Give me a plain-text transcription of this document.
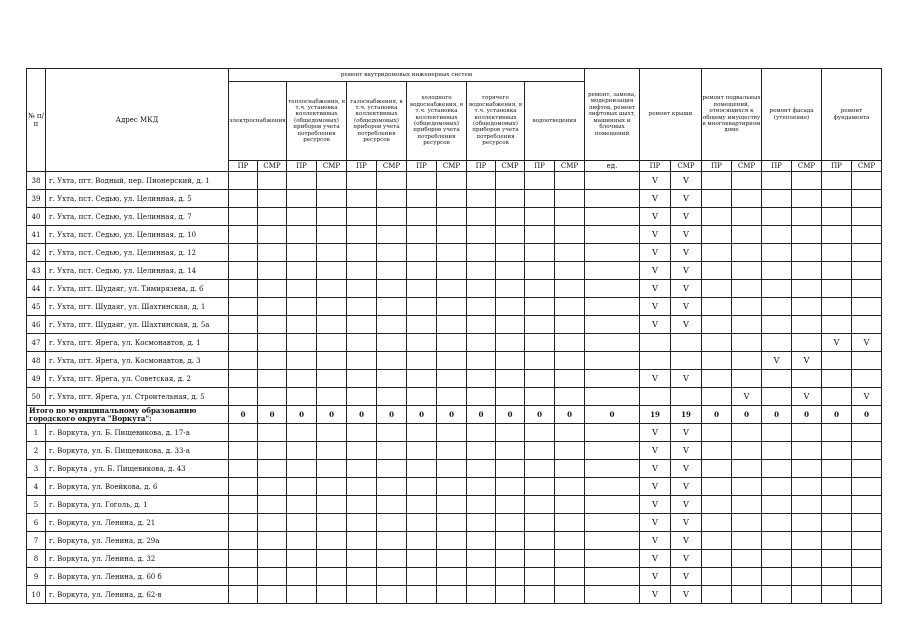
№ п/п	Адрес МКД	ремонт внутридомовых инженерных систем												ремонт, замена, модернизация лифтов, ремонт лифтовых шахт, машинных и блочных помещений	ремонт крыши		ремонт подвальных помещений, относящихся к общему имуществу в многоквартирном доме		ремонт фасада (утепление)		ремонт фундамента	
		электроснабжения		теплоснабжения, в т.ч. установка коллективных (общедомовых) приборов учета потребления ресурсов		газоснабжения, в т.ч. установка коллективных (общедомовых) приборов учета потребления ресурсов		холодного водоснабжения, в т.ч. установка коллективных (общедомовых) приборов учета потребления ресурсов		горячего водоснабжения, в т.ч. установка коллективных (общедомовых) приборов учета потребления ресурсов		водоотведения										
		ПР	СМР	ПР	СМР	ПР	СМР	ПР	СМР	ПР	СМР	ПР	СМР	ед.	ПР	СМР	ПР	СМР	ПР	СМР	ПР	СМР
38	г. Ухта, пгт. Водный, пер. Пионерский, д. 1														V	V						
39	г. Ухта, пст. Седью, ул. Целинная, д. 5														V	V						
40	г. Ухта, пст. Седью, ул. Целинная, д. 7														V	V						
41	г. Ухта, пст. Седью, ул. Целинная, д. 10														V	V						
42	г. Ухта, пст. Седью, ул. Целинная, д. 12														V	V						
43	г. Ухта, пст. Седью, ул. Целинная, д. 14														V	V						
44	г. Ухта, пгт. Шудаяг, ул. Тимирязева, д. 6														V	V						
45	г. Ухта, пгт. Шудаяг, ул. Шахтинская, д. 1														V	V						
46	г. Ухта, пгт. Шудаяг, ул. Шахтинская, д. 5а														V	V						
47	г. Ухта, пгт. Ярега, ул. Космонавтов, д. 1																				V	V
48	г. Ухта, пгт. Ярега, ул. Космонавтов, д. 3																		V	V		
49	г. Ухта, пгт. Ярега, ул. Советская, д. 2														V	V						
50	г. Ухта, пгт. Ярега, ул. Строительная, д. 5																	V		V		V
Итого по муниципальному образованию городского округа "Воркута":		0	0	0	0	0	0	0	0	0	0	0	0	0	19	19	0	0	0	0	0	0
1	г. Воркута, ул. Б. Пищевикова, д. 17-а														V	V						
2	г. Воркута, ул. Б. Пищевикова, д. 33-а														V	V						
3	г. Воркута , ул. Б. Пищевикова, д. 43														V	V						
4	г. Воркута, ул. Воейкова, д. 6														V	V						
5	г. Воркута, ул. Гоголь, д. 1														V	V						
6	г. Воркута, ул. Ленина, д. 21														V	V						
7	г. Воркута, ул. Ленина, д. 29а														V	V						
8	г. Воркута, ул. Ленина, д. 32														V	V						
9	г. Воркута, ул. Ленина, д. 60 б														V	V						
10	г. Воркута, ул. Ленина, д. 62-в														V	V						
